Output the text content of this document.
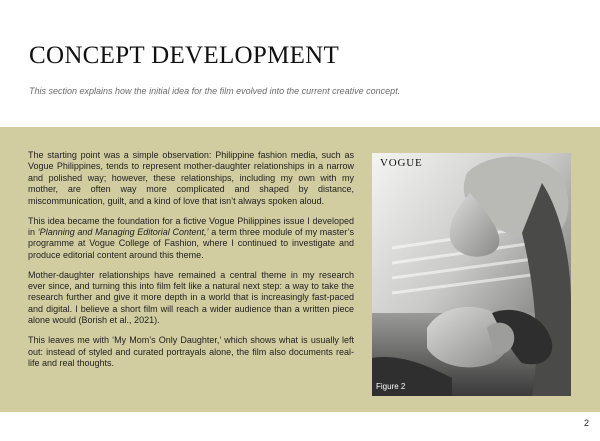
CONCEPT DEVELOPMENT
This section explains how the initial idea for the film evolved into the current creative concept.

The starting point was a simple observation: Philippine fashion media, such as Vogue Philippines, tends to represent mother-daughter relationships in a narrow and polished way; however, these relationships, including my own with my mother, are often way more complicated and shaped by distance, miscommunication, guilt, and a kind of love that isn’t always spoken aloud.

This idea became the foundation for a fictive Vogue Philippines issue I developed in ‘Planning and Managing Editorial Content,’ a term three module of my master’s programme at Vogue College of Fashion, where I continued to investigate and produce editorial content around this theme.

Mother-daughter relationships have remained a central theme in my research ever since, and turning this into film felt like a natural next step: a way to take the research further and give it more depth in a world that is increasingly fast-paced and digital. I believe a short film will reach a wider audience than a written piece alone would (Borish et al., 2021).

This leaves me with ‘My Mom’s Only Daughter,’ which shows what is usually left out: instead of styled and curated portrayals alone, the film also documents real-life and real thoughts.

VOGUE
Figure 2
2
